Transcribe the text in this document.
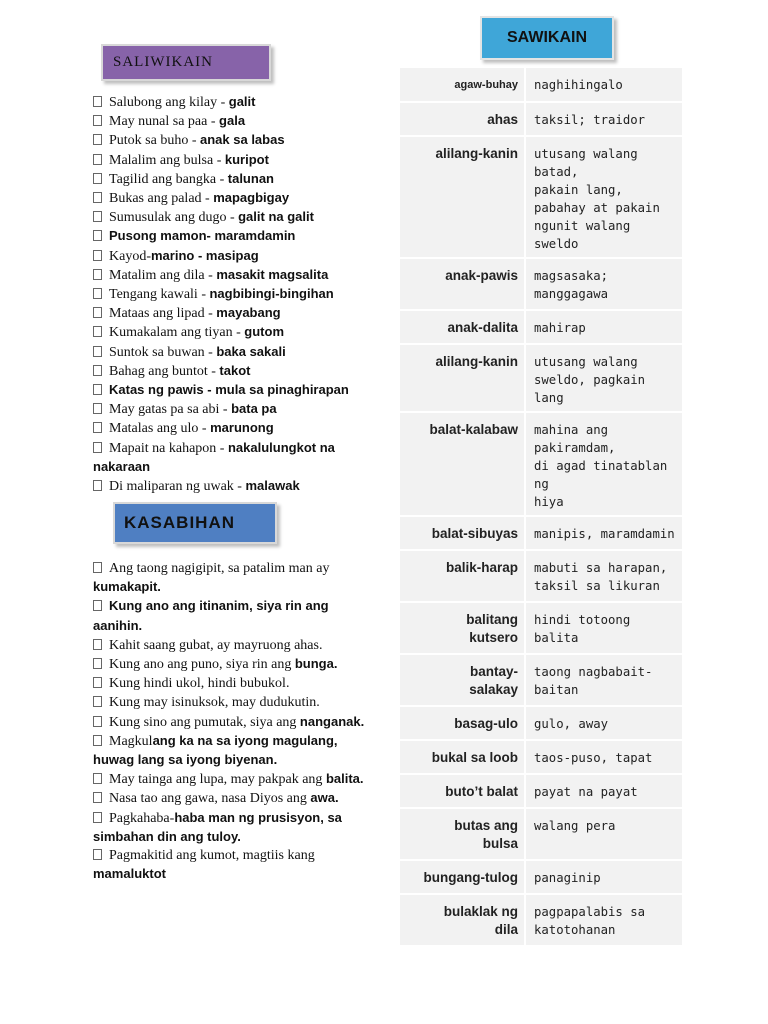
SALIWIKAIN
Salubong ang kilay - galit
May nunal sa paa - gala
Putok sa buho - anak sa labas
Malalim ang bulsa - kuripot
Tagilid ang bangka - talunan
Bukas ang palad - mapagbigay
Sumusulak ang dugo - galit na galit
Pusong mamon- maramdamin
Kayod-marino - masipag
Matalim ang dila - masakit magsalita
Tengang kawali - nagbibingi-bingihan
Mataas ang lipad - mayabang
Kumakalam ang tiyan - gutom
Suntok sa buwan - baka sakali
Bahag ang buntot - takot
Katas ng pawis - mula sa pinaghirapan
May gatas pa sa abi - bata pa
Matalas ang ulo - marunong
Mapait na kahapon - nakalulungkot na nakaraan
Di maliparan ng uwak - malawak
KASABIHAN
Ang taong nagigipit, sa patalim man ay kumakapit.
Kung ano ang itinanim, siya rin ang aanihin.
Kahit saang gubat, ay mayruong ahas.
Kung ano ang puno, siya rin ang bunga.
Kung hindi ukol, hindi bubukol.
Kung may isinuksok, may dudukutin.
Kung sino ang pumutak, siya ang nanganak.
Magkulang ka na sa iyong magulang, huwag lang sa iyong biyenan.
May tainga ang lupa, may pakpak ang balita.
Nasa tao ang gawa, nasa Diyos ang awa.
Pagkahaba-haba man ng prusisyon, sa simbahan din ang tuloy.
Pagmakitid ang kumot, magtiis kang mamaluktot
SAWIKAIN
agaw-buhay	naghihingalo
ahas	taksil; traidor
alilang-kanin	utusang walang batad,
pakain lang,
pabahay at pakain
ngunit walang sweldo
anak-pawis	magsasaka;
manggagawa
anak-dalita	mahirap
alilang-kanin	utusang walang
sweldo, pagkain lang
balat-kalabaw	mahina ang
pakiramdam,
di agad tinatablan ng
hiya
balat-sibuyas	manipis, maramdamin
balik-harap	mabuti sa harapan,
taksil sa likuran
balitang
kutsero	hindi totoong balita
bantay-
salakay	taong nagbabait-
baitan
basag-ulo	gulo, away
bukal sa loob	taos-puso, tapat
buto’t balat	payat na payat
butas ang
bulsa	walang pera
bungang-tulog	panaginip
bulaklak ng
dila	pagpapalabis sa
katotohanan
